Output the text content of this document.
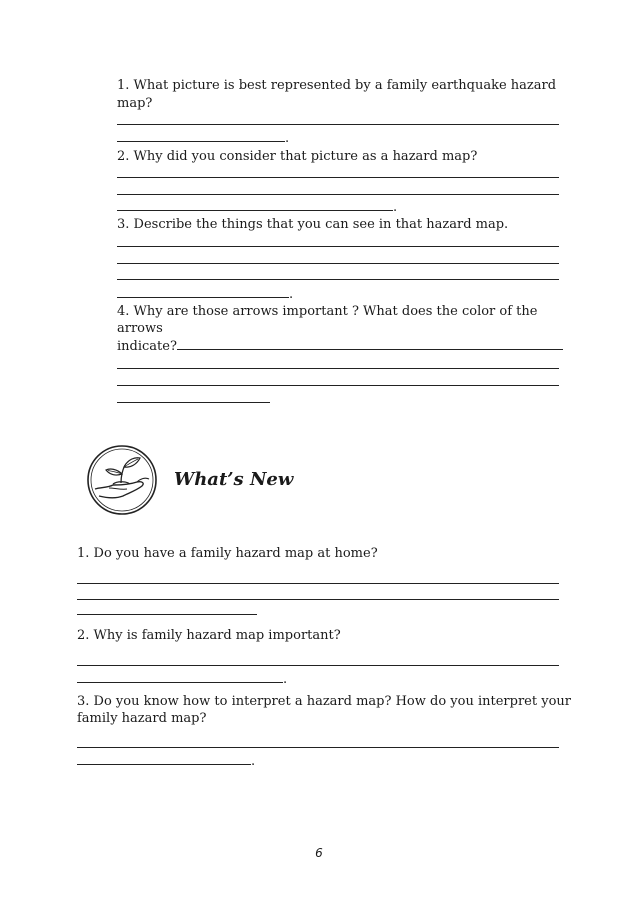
1. What picture is best represented by a family earthquake hazard
map?
.
2. Why did you consider that picture as a hazard map?
.
3. Describe the things that you can see in that hazard map.
.
4. Why are those arrows important ? What does the color of the
arrows
indicate?
What’s New
1. Do you have a family hazard map at home?
2. Why is family hazard map important?
.
3. Do you know how to interpret a hazard map? How do you interpret your
family hazard map?
.
6
